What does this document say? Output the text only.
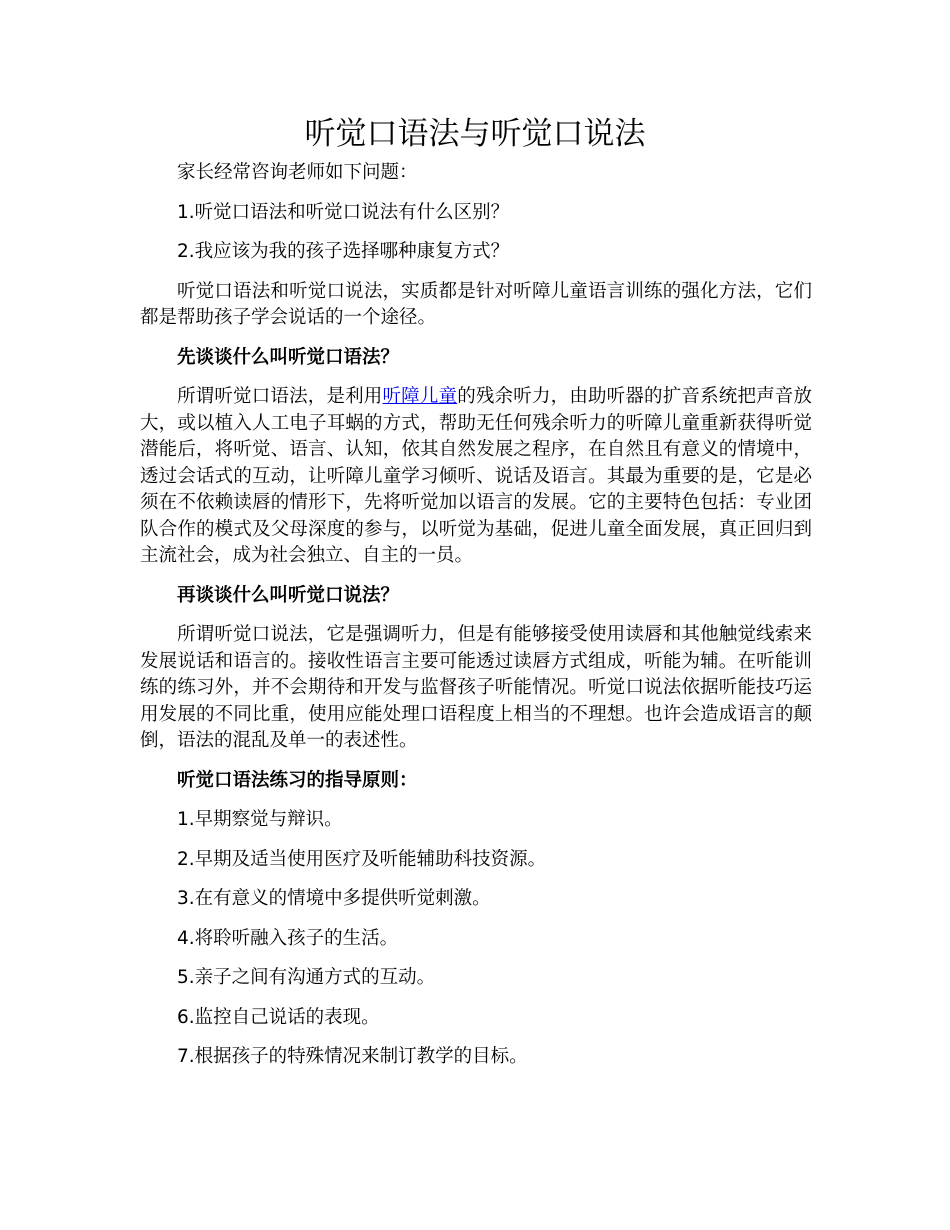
听觉口语法与听觉口说法

家长经常咨询老师如下问题：

1.听觉口语法和听觉口说法有什么区别？

2.我应该为我的孩子选择哪种康复方式？

听觉口语法和听觉口说法，实质都是针对听障儿童语言训练的强化方法，它们都是帮助孩子学会说话的一个途径。

先谈谈什么叫听觉口语法？

所谓听觉口语法，是利用听障儿童的残余听力，由助听器的扩音系统把声音放大，或以植入人工电子耳蜗的方式，帮助无任何残余听力的听障儿童重新获得听觉潜能后，将听觉、语言、认知，依其自然发展之程序，在自然且有意义的情境中，透过会话式的互动，让听障儿童学习倾听、说话及语言。其最为重要的是，它是必须在不依赖读唇的情形下，先将听觉加以语言的发展。它的主要特色包括：专业团队合作的模式及父母深度的参与，以听觉为基础，促进儿童全面发展，真正回归到主流社会，成为社会独立、自主的一员。

再谈谈什么叫听觉口说法？

所谓听觉口说法，它是强调听力，但是有能够接受使用读唇和其他触觉线索来发展说话和语言的。接收性语言主要可能透过读唇方式组成，听能为辅。在听能训练的练习外，并不会期待和开发与监督孩子听能情况。听觉口说法依据听能技巧运用发展的不同比重，使用应能处理口语程度上相当的不理想。也许会造成语言的颠倒，语法的混乱及单一的表述性。

听觉口语法练习的指导原则：

1.早期察觉与辩识。

2.早期及适当使用医疗及听能辅助科技资源。

3.在有意义的情境中多提供听觉刺激。

4.将聆听融入孩子的生活。

5.亲子之间有沟通方式的互动。

6.监控自己说话的表现。

7.根据孩子的特殊情况来制订教学的目标。
